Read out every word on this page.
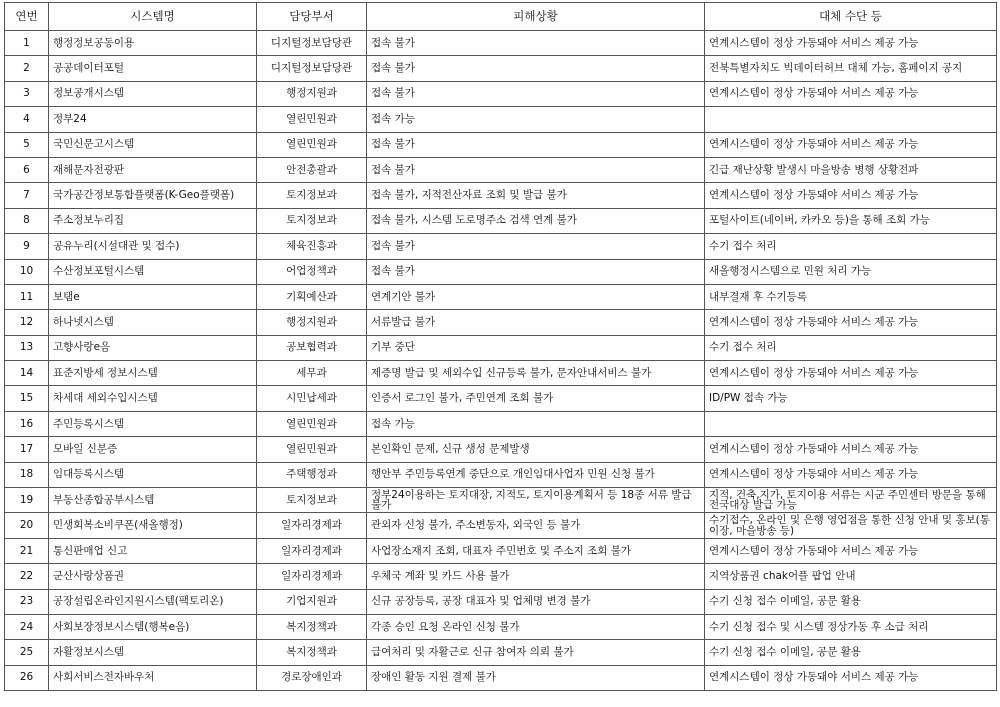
연번	시스템명	담당부서	피해상황	대체 수단 등
1	행정정보공동이용	디지털정보담당관	접속 불가	연계시스템이 정상 가동돼야 서비스 제공 가능
2	공공데이터포털	디지털정보담당관	접속 불가	전북특별자치도 빅데이터허브 대체 가능, 홈페이지 공지
3	정보공개시스템	행정지원과	접속 불가	연계시스템이 정상 가동돼야 서비스 제공 가능
4	정부24	열린민원과	접속 가능	
5	국민신문고시스템	열린민원과	접속 불가	연계시스템이 정상 가동돼야 서비스 제공 가능
6	재해문자전광판	안전총괄과	접속 불가	긴급 재난상황 발생시 마을방송 병행 상황전파
7	국가공간정보통합플랫폼(K-Geo플랫폼)	토지정보과	접속 불가, 지적전산자료 조회 및 발급 불가	연계시스템이 정상 가동돼야 서비스 제공 가능
8	주소정보누리집	토지정보과	접속 불가, 시스템 도로명주소 검색 연계 불가	포털사이트(네이버, 카카오 등)을 통해 조회 가능
9	공유누리(시설대관 및 접수)	체육진흥과	접속 불가	수기 접수 처리
10	수산정보포털시스템	어업정책과	접속 불가	새올행정시스템으로 민원 처리 가능
11	보탬e	기획예산과	연계기안 불가	내부결재 후 수기등록
12	하나넷시스템	행정지원과	서류발급 불가	연계시스템이 정상 가동돼야 서비스 제공 가능
13	고향사랑e음	공보협력과	기부 중단	수기 접수 처리
14	표준지방세 정보시스템	세무과	제증명 발급 및 세외수입 신규등록 불가, 문자안내서비스 불가	연계시스템이 정상 가동돼야 서비스 제공 가능
15	차세대 세외수입시스템	시민납세과	인증서 로그인 불가, 주민연계 조회 불가	ID/PW 접속 가능
16	주민등록시스템	열린민원과	접속 가능	
17	모바일 신분증	열린민원과	본인확인 문제, 신규 생성 문제발생	연계시스템이 정상 가동돼야 서비스 제공 가능
18	임대등록시스템	주택행정과	행안부 주민등록연계 중단으로 개인임대사업자 민원 신청 불가	연계시스템이 정상 가동돼야 서비스 제공 가능
19	부동산종합공부시스템	토지정보과	정부24이용하는 토지대장, 지적도, 토지이용계획서 등 18종 서류 발급 불가	지적, 건축,지가, 토지이용 서류는 시군 주민센터 방문을 통해 전국대상 발급 가능
20	민생회복소비쿠폰(새올행정)	일자리경제과	관외자 신청 불가, 주소변동자, 외국인 등 불가	수기접수, 온라인 및 은행 영업점을 통한 신청 안내 및 홍보(통이장, 마을방송 등)
21	통신판매업 신고	일자리경제과	사업장소재지 조회, 대표자 주민번호 및 주소지 조회 불가	연계시스템이 정상 가동돼야 서비스 제공 가능
22	군산사랑상품권	일자리경제과	우체국 계좌 및 카드 사용 불가	지역상품권 chak어플 팝업 안내
23	공장설립온라인지원시스템(팩토리온)	기업지원과	신규 공장등록, 공장 대표자 및 업체명 변경 불가	수기 신청 접수 이메일, 공문 활용
24	사회보장정보시스템(행복e음)	복지정책과	각종 승인 요청 온라인 신청 불가	수기 신청 접수 및 시스템 정상가동 후 소급 처리
25	자활정보시스템	복지정책과	급여처리 및 자활근로 신규 참여자 의뢰 불가	수기 신청 접수 이메일, 공문 활용
26	사회서비스전자바우처	경로장애인과	장애인 활동 지원 결제 불가	연계시스템이 정상 가동돼야 서비스 제공 가능
